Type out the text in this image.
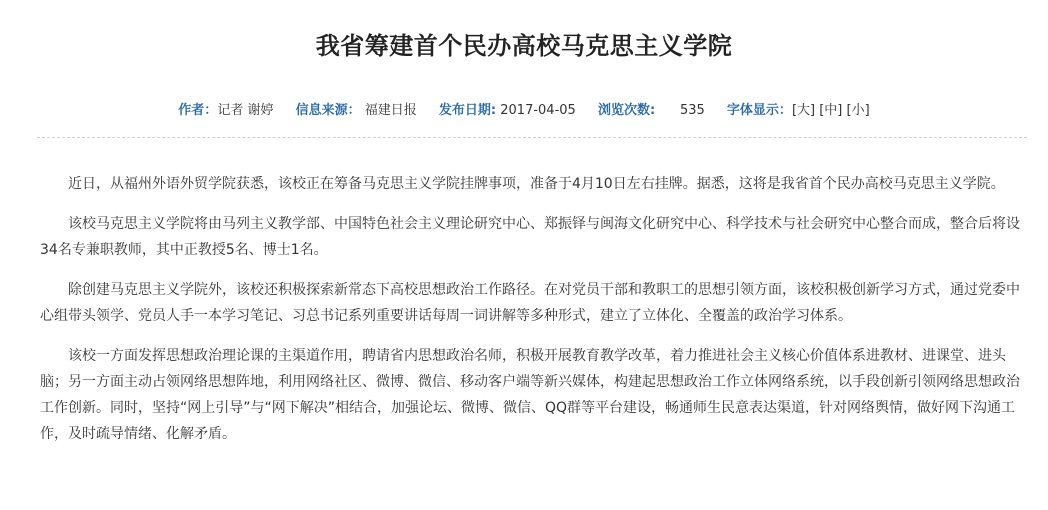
我省筹建首个民办高校马克思主义学院
作者：记者 谢婷 信息来源： 福建日报 发布日期: 2017-04-05 浏览次数: 535 字体显示：[大] [中] [小]

近日，从福州外语外贸学院获悉，该校正在筹备马克思主义学院挂牌事项，准备于4月10日左右挂牌。据悉，这将是我省首个民办高校马克思主义学院。

该校马克思主义学院将由马列主义教学部、中国特色社会主义理论研究中心、郑振铎与闽海文化研究中心、科学技术与社会研究中心整合而成，整合后将设34名专兼职教师，其中正教授5名、博士1名。

除创建马克思主义学院外，该校还积极探索新常态下高校思想政治工作路径。在对党员干部和教职工的思想引领方面，该校积极创新学习方式，通过党委中心组带头领学、党员人手一本学习笔记、习总书记系列重要讲话每周一词讲解等多种形式，建立了立体化、全覆盖的政治学习体系。

该校一方面发挥思想政治理论课的主渠道作用，聘请省内思想政治名师，积极开展教育教学改革，着力推进社会主义核心价值体系进教材、进课堂、进头脑；另一方面主动占领网络思想阵地，利用网络社区、微博、微信、移动客户端等新兴媒体，构建起思想政治工作立体网络系统，以手段创新引领网络思想政治工作创新。同时，坚持“网上引导”与“网下解决”相结合，加强论坛、微博、微信、QQ群等平台建设，畅通师生民意表达渠道，针对网络舆情，做好网下沟通工作，及时疏导情绪、化解矛盾。
